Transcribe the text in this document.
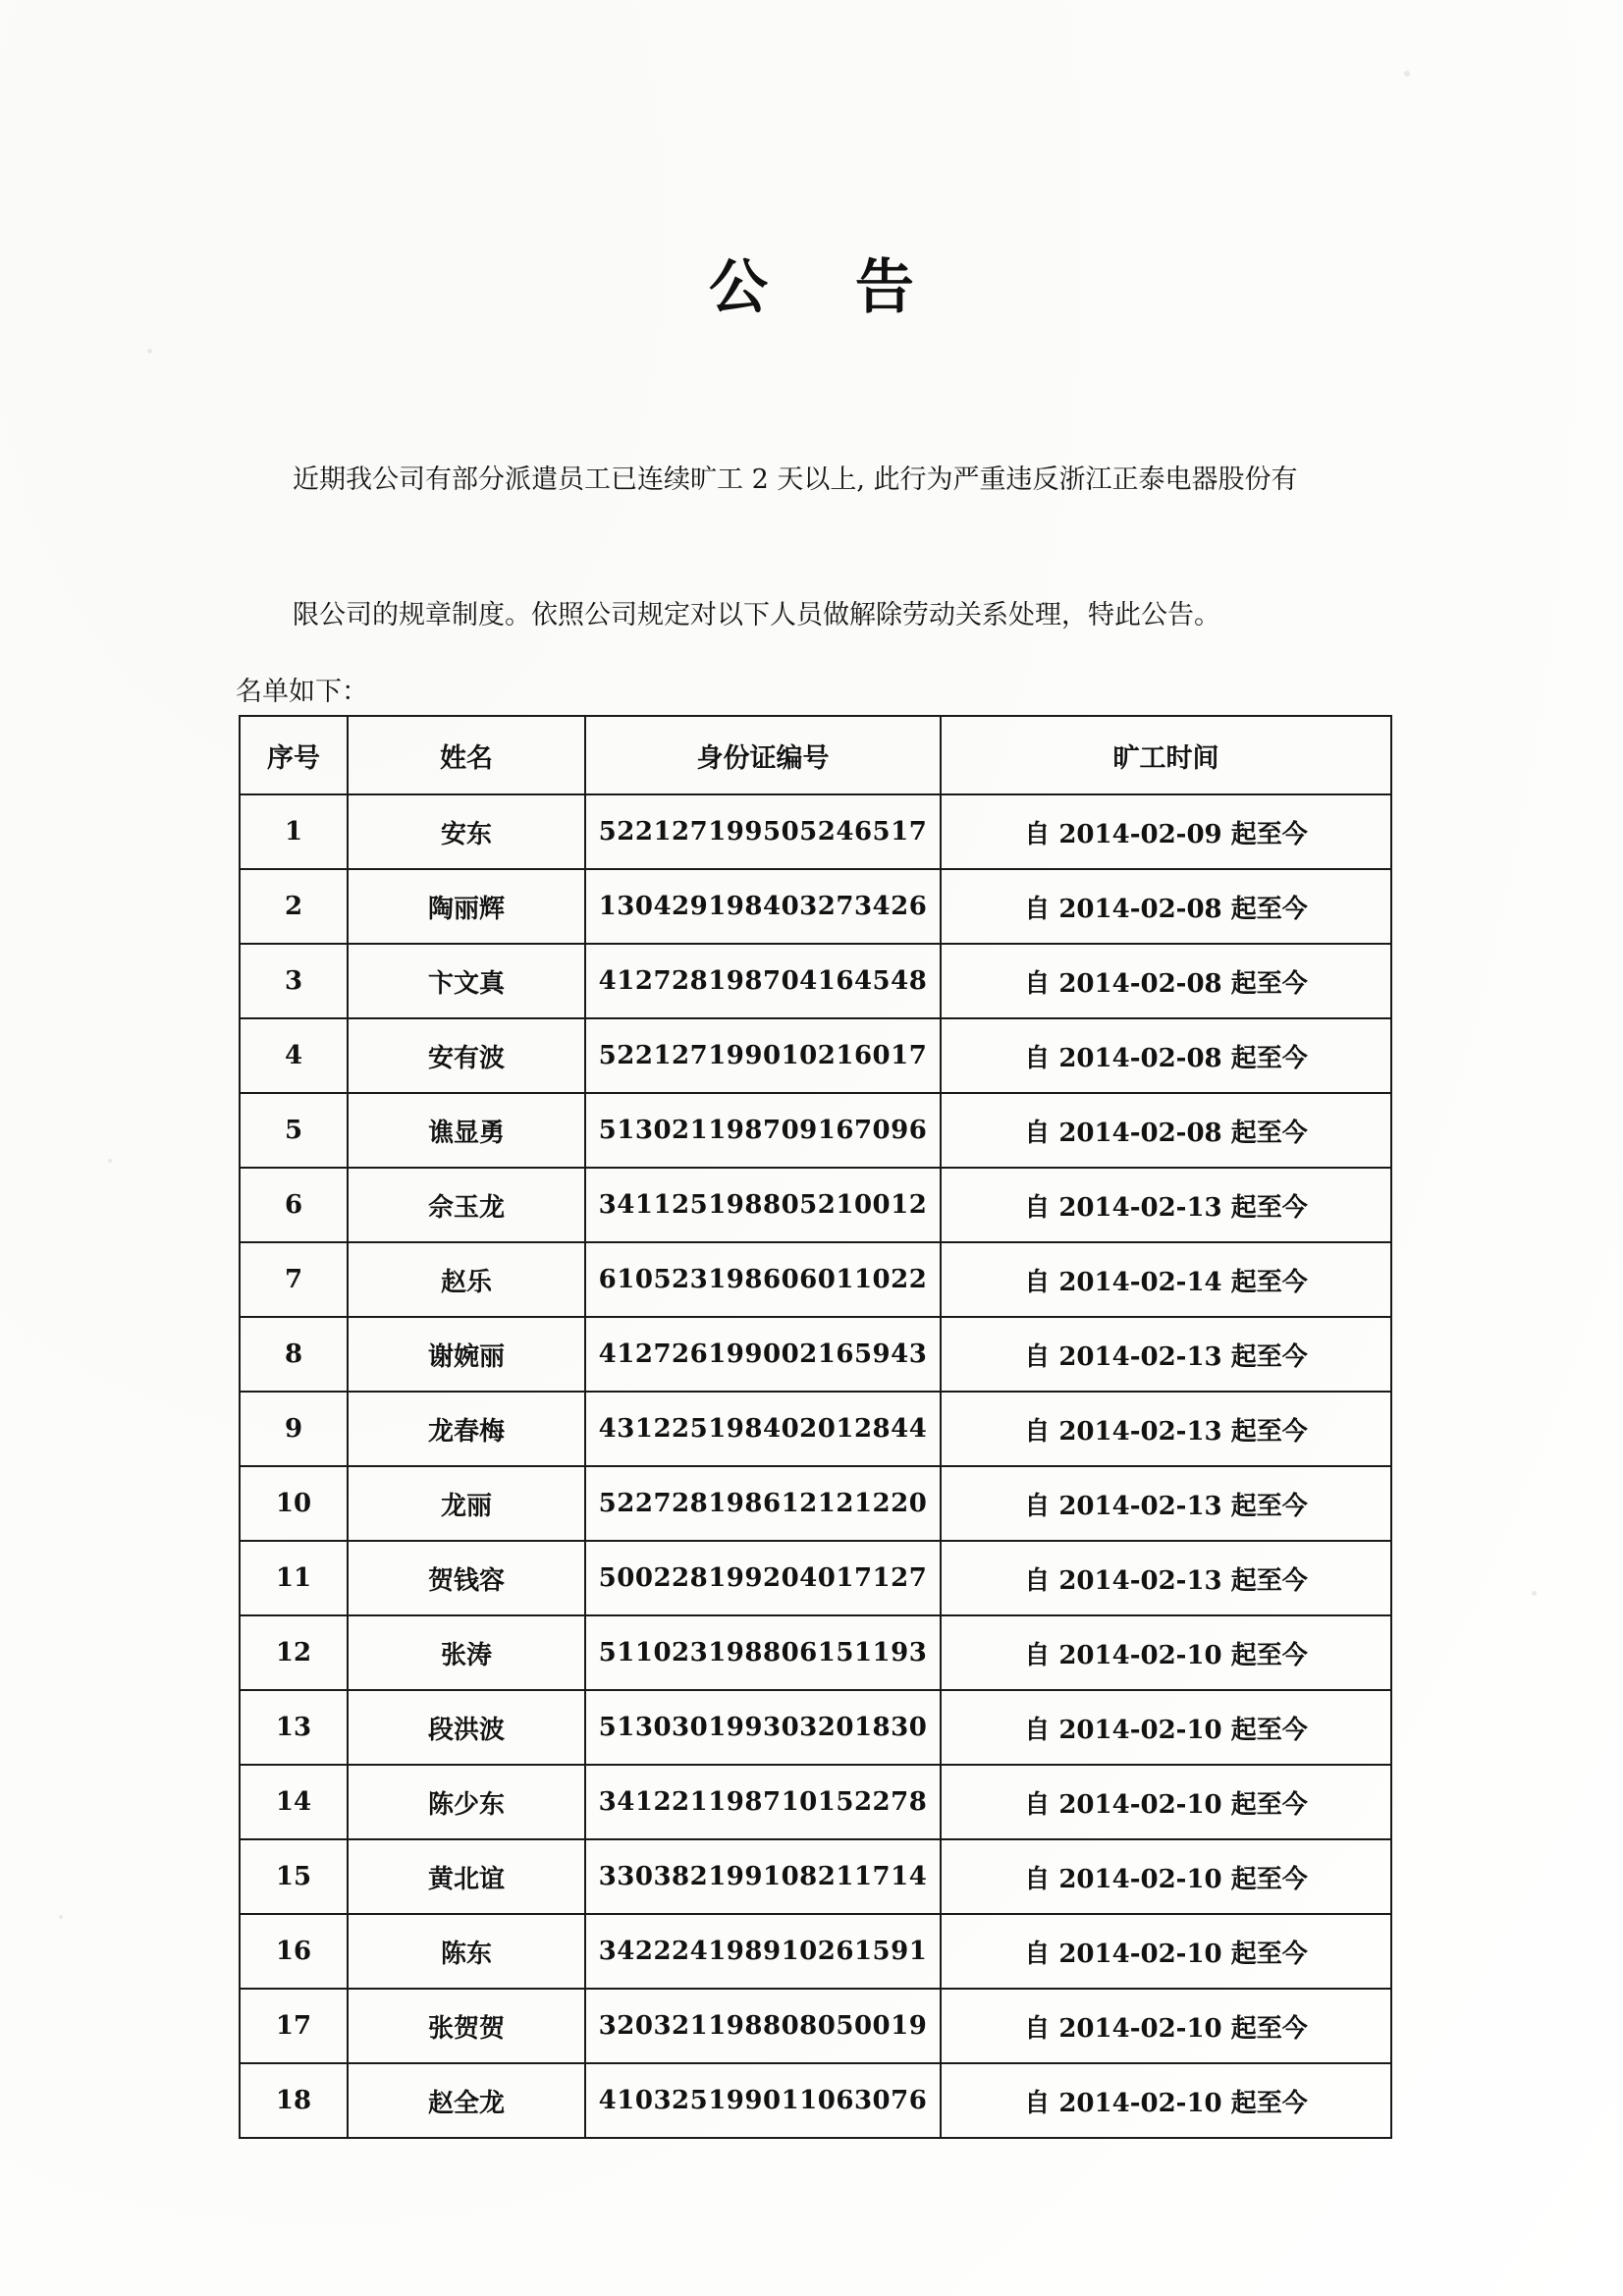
公 告
近期我公司有部分派遣员工已连续旷工 2 天以上, 此行为严重违反浙江正泰电器股份有
限公司的规章制度。依照公司规定对以下人员做解除劳动关系处理，特此公告。
名单如下：
序号	姓名	身份证编号	旷工时间
1	安东	522127199505246517	自 2014-02-09 起至今
2	陶丽辉	130429198403273426	自 2014-02-08 起至今
3	卞文真	412728198704164548	自 2014-02-08 起至今
4	安有波	522127199010216017	自 2014-02-08 起至今
5	谯显勇	513021198709167096	自 2014-02-08 起至今
6	佘玉龙	341125198805210012	自 2014-02-13 起至今
7	赵乐	610523198606011022	自 2014-02-14 起至今
8	谢婉丽	412726199002165943	自 2014-02-13 起至今
9	龙春梅	431225198402012844	自 2014-02-13 起至今
10	龙丽	522728198612121220	自 2014-02-13 起至今
11	贺钱容	500228199204017127	自 2014-02-13 起至今
12	张涛	511023198806151193	自 2014-02-10 起至今
13	段洪波	513030199303201830	自 2014-02-10 起至今
14	陈少东	341221198710152278	自 2014-02-10 起至今
15	黄北谊	330382199108211714	自 2014-02-10 起至今
16	陈东	342224198910261591	自 2014-02-10 起至今
17	张贺贺	320321198808050019	自 2014-02-10 起至今
18	赵全龙	410325199011063076	自 2014-02-10 起至今
